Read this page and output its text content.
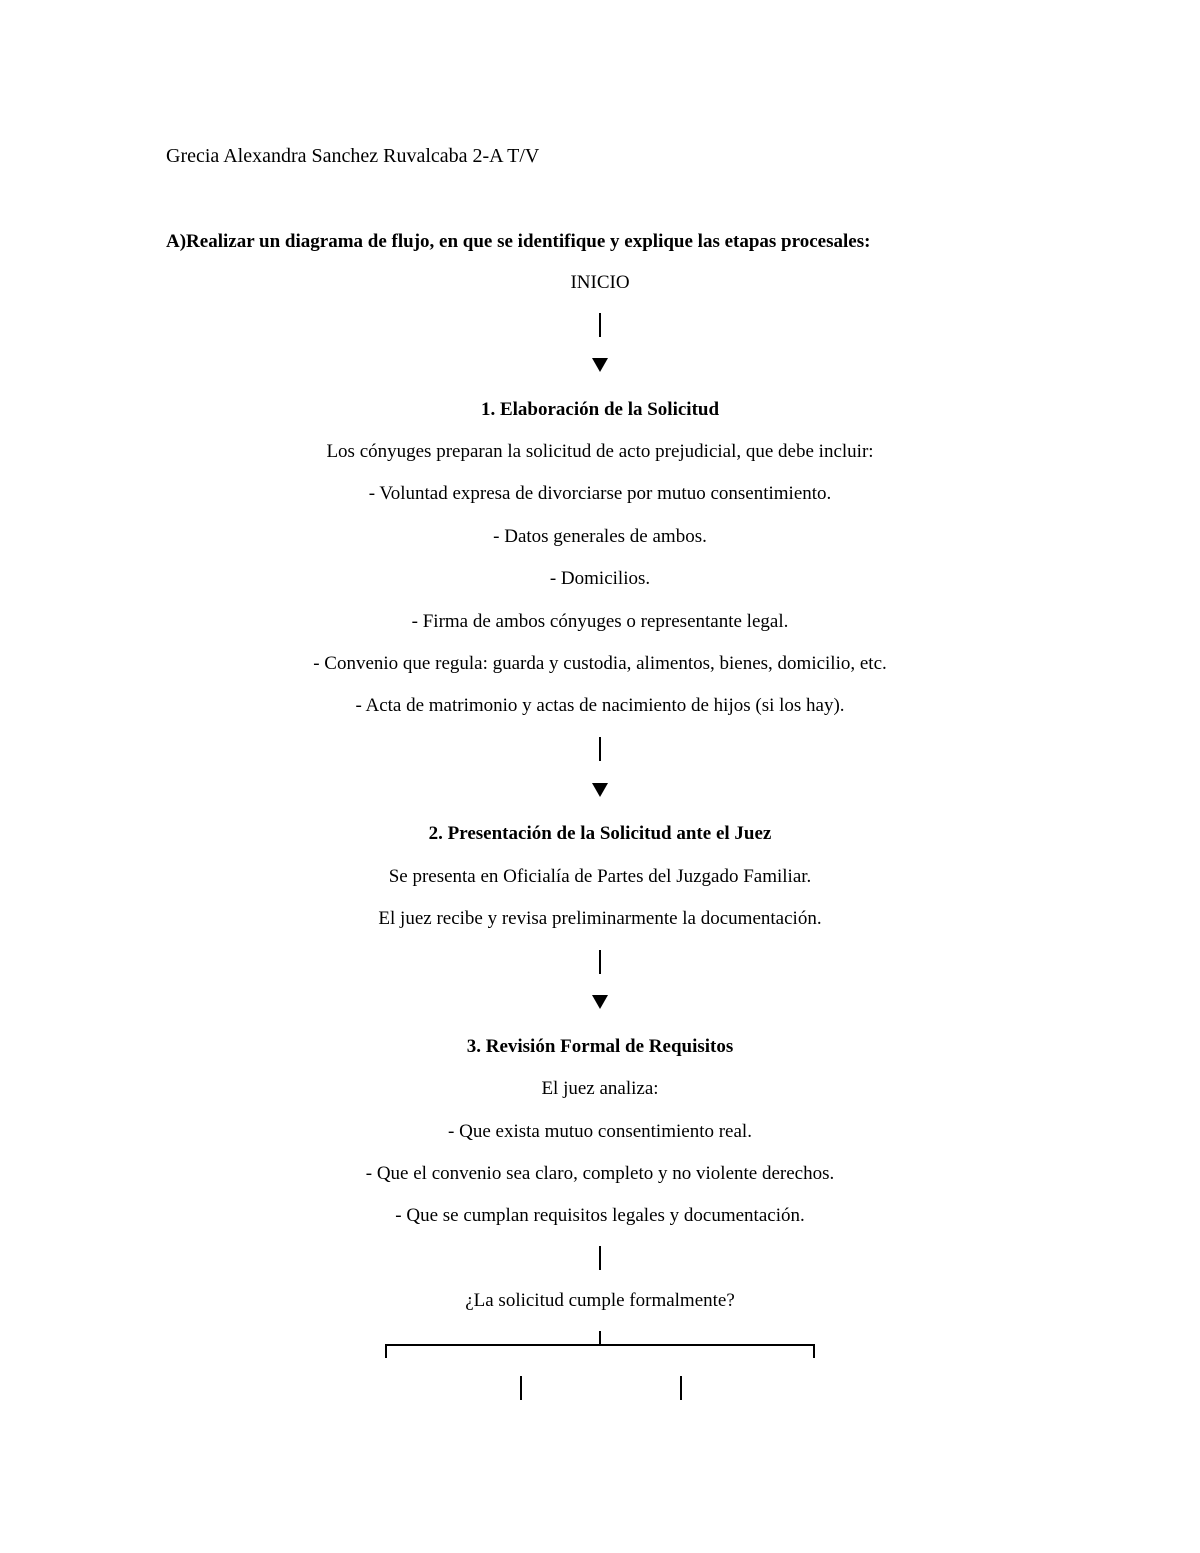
Grecia Alexandra Sanchez Ruvalcaba 2-A T/V
A)Realizar un diagrama de flujo, en que se identifique y explique las etapas procesales:
INICIO
1. Elaboración de la Solicitud
Los cónyuges preparan la solicitud de acto prejudicial, que debe incluir:
- Voluntad expresa de divorciarse por mutuo consentimiento.
- Datos generales de ambos.
- Domicilios.
- Firma de ambos cónyuges o representante legal.
- Convenio que regula: guarda y custodia, alimentos, bienes, domicilio, etc.
- Acta de matrimonio y actas de nacimiento de hijos (si los hay).
2. Presentación de la Solicitud ante el Juez
Se presenta en Oficialía de Partes del Juzgado Familiar.
El juez recibe y revisa preliminarmente la documentación.
3. Revisión Formal de Requisitos
El juez analiza:
- Que exista mutuo consentimiento real.
- Que el convenio sea claro, completo y no violente derechos.
- Que se cumplan requisitos legales y documentación.
¿La solicitud cumple formalmente?
